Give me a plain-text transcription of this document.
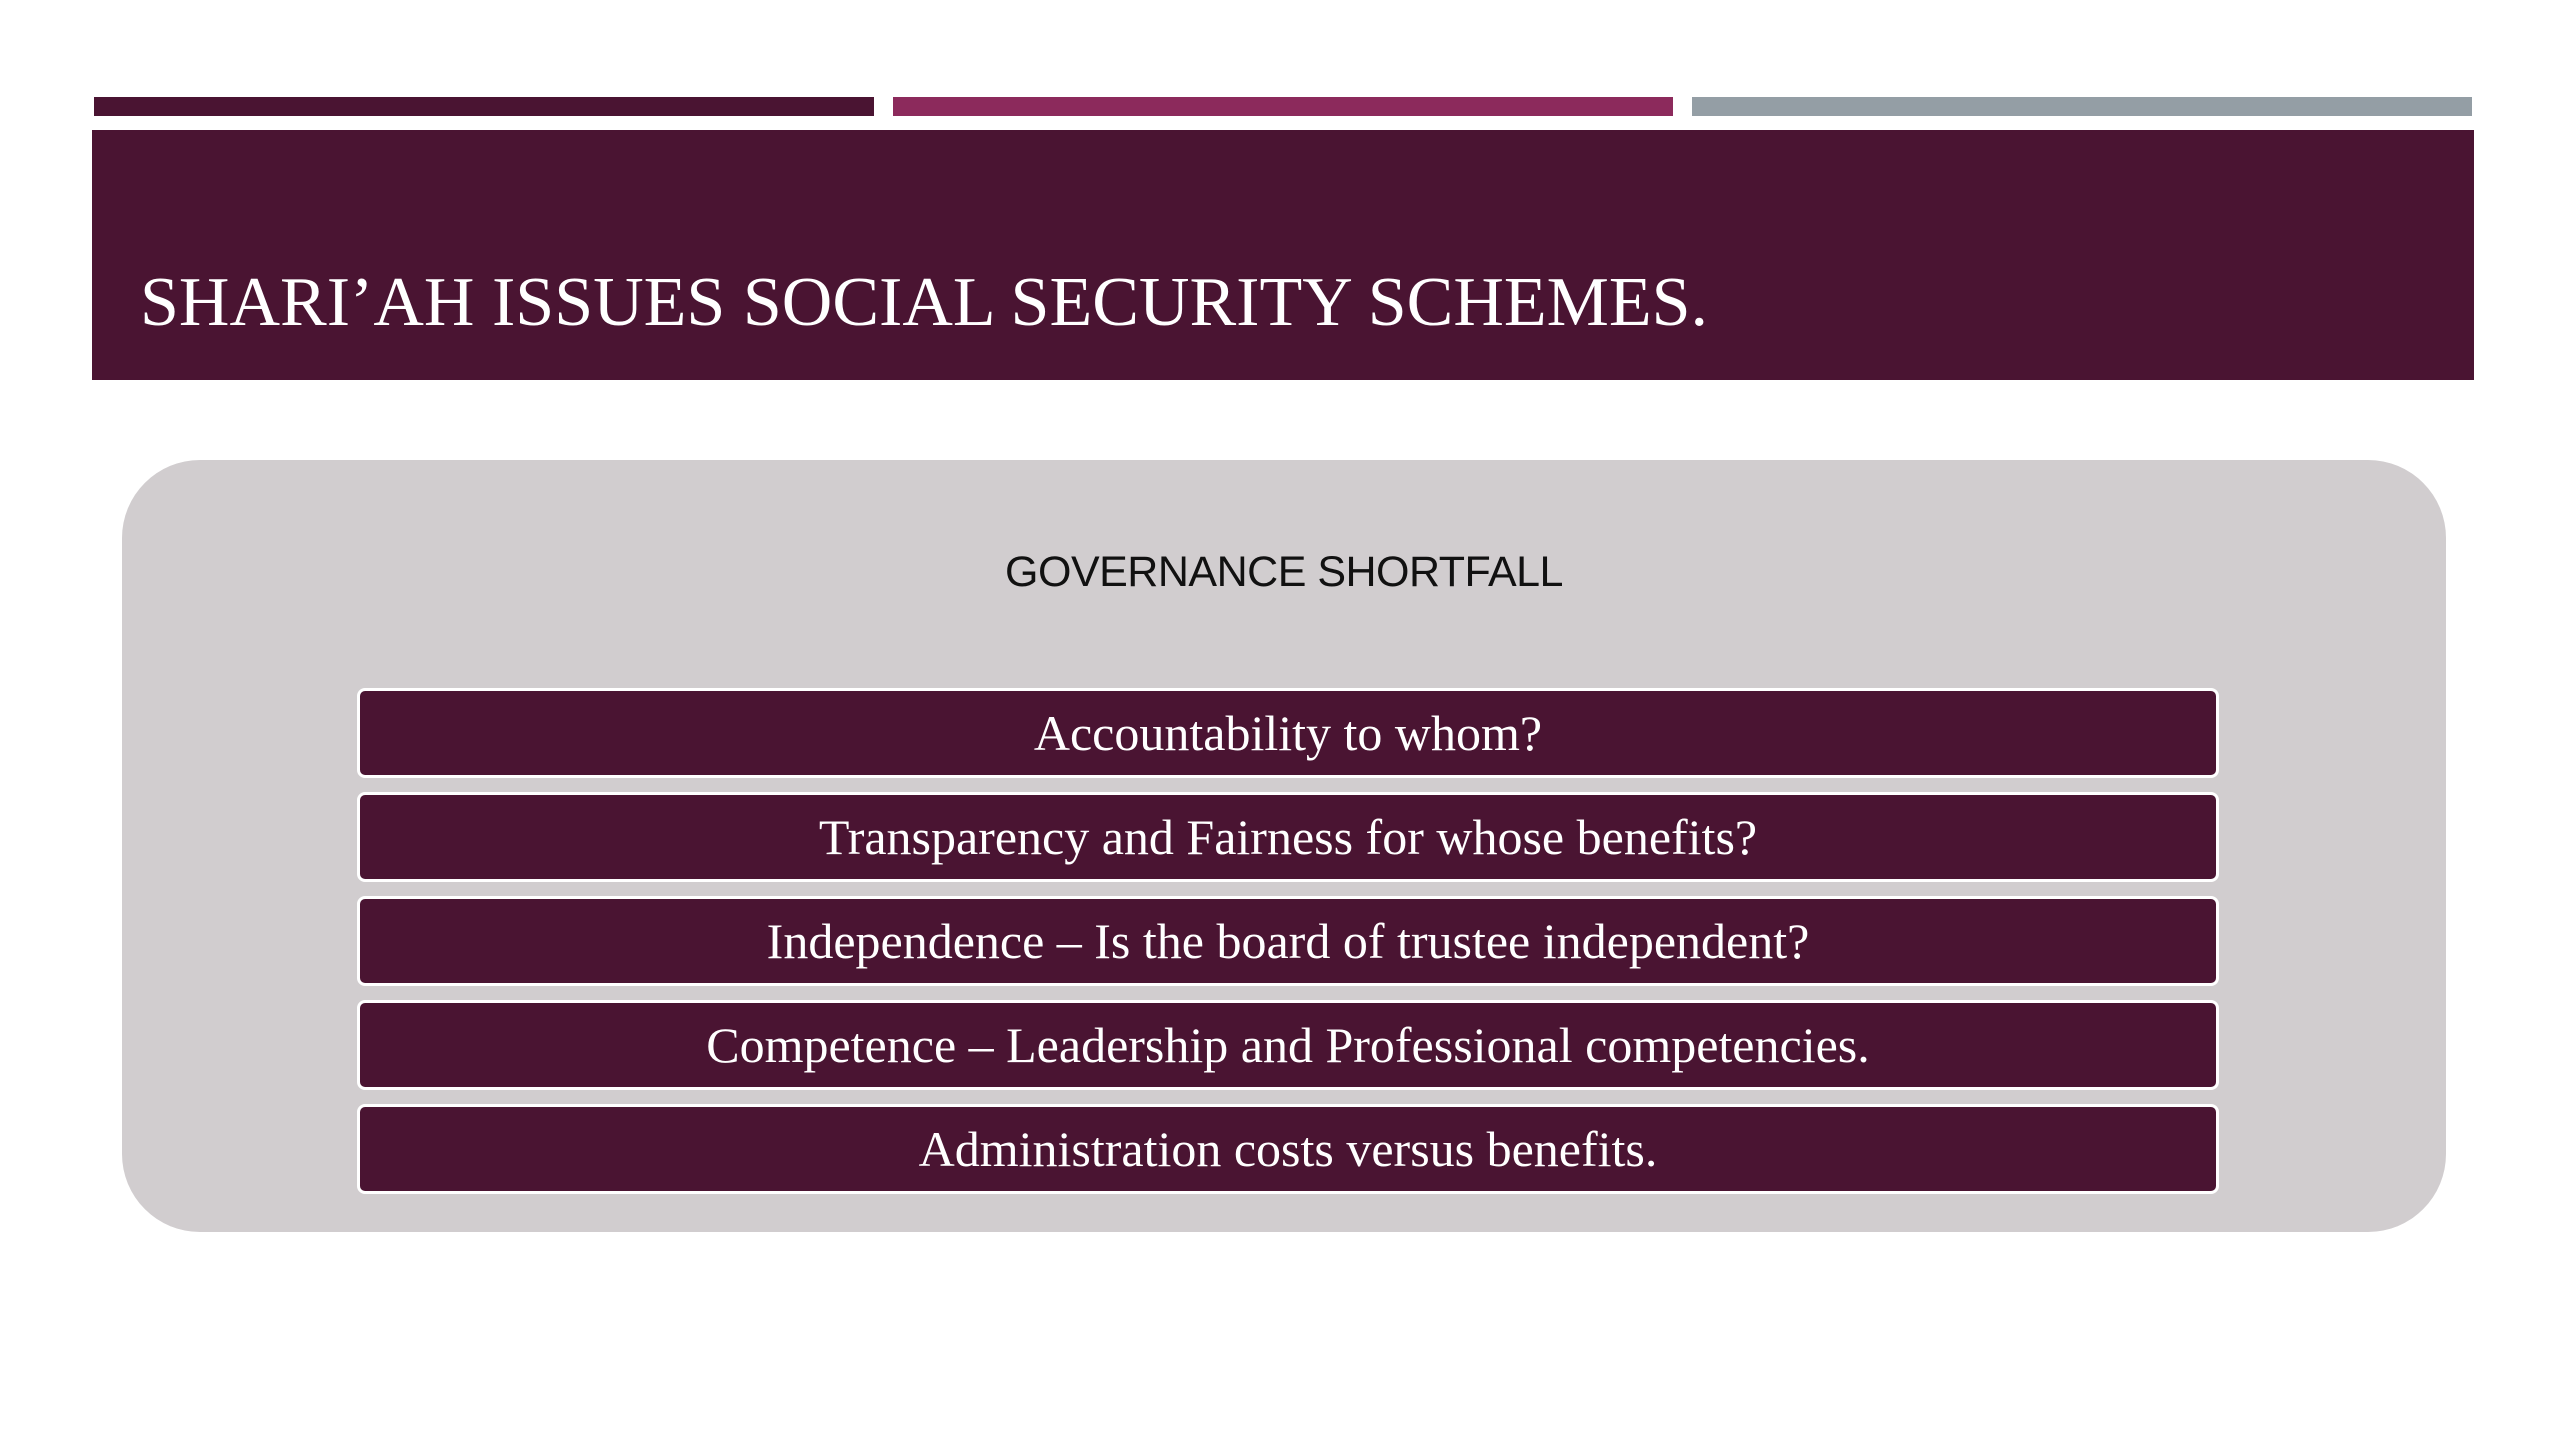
SHARI’AH ISSUES SOCIAL SECURITY SCHEMES.
GOVERNANCE SHORTFALL
Accountability to whom?
Transparency and Fairness for whose benefits?
Independence – Is the board of trustee independent?
Competence – Leadership and Professional competencies.
Administration costs versus benefits.
